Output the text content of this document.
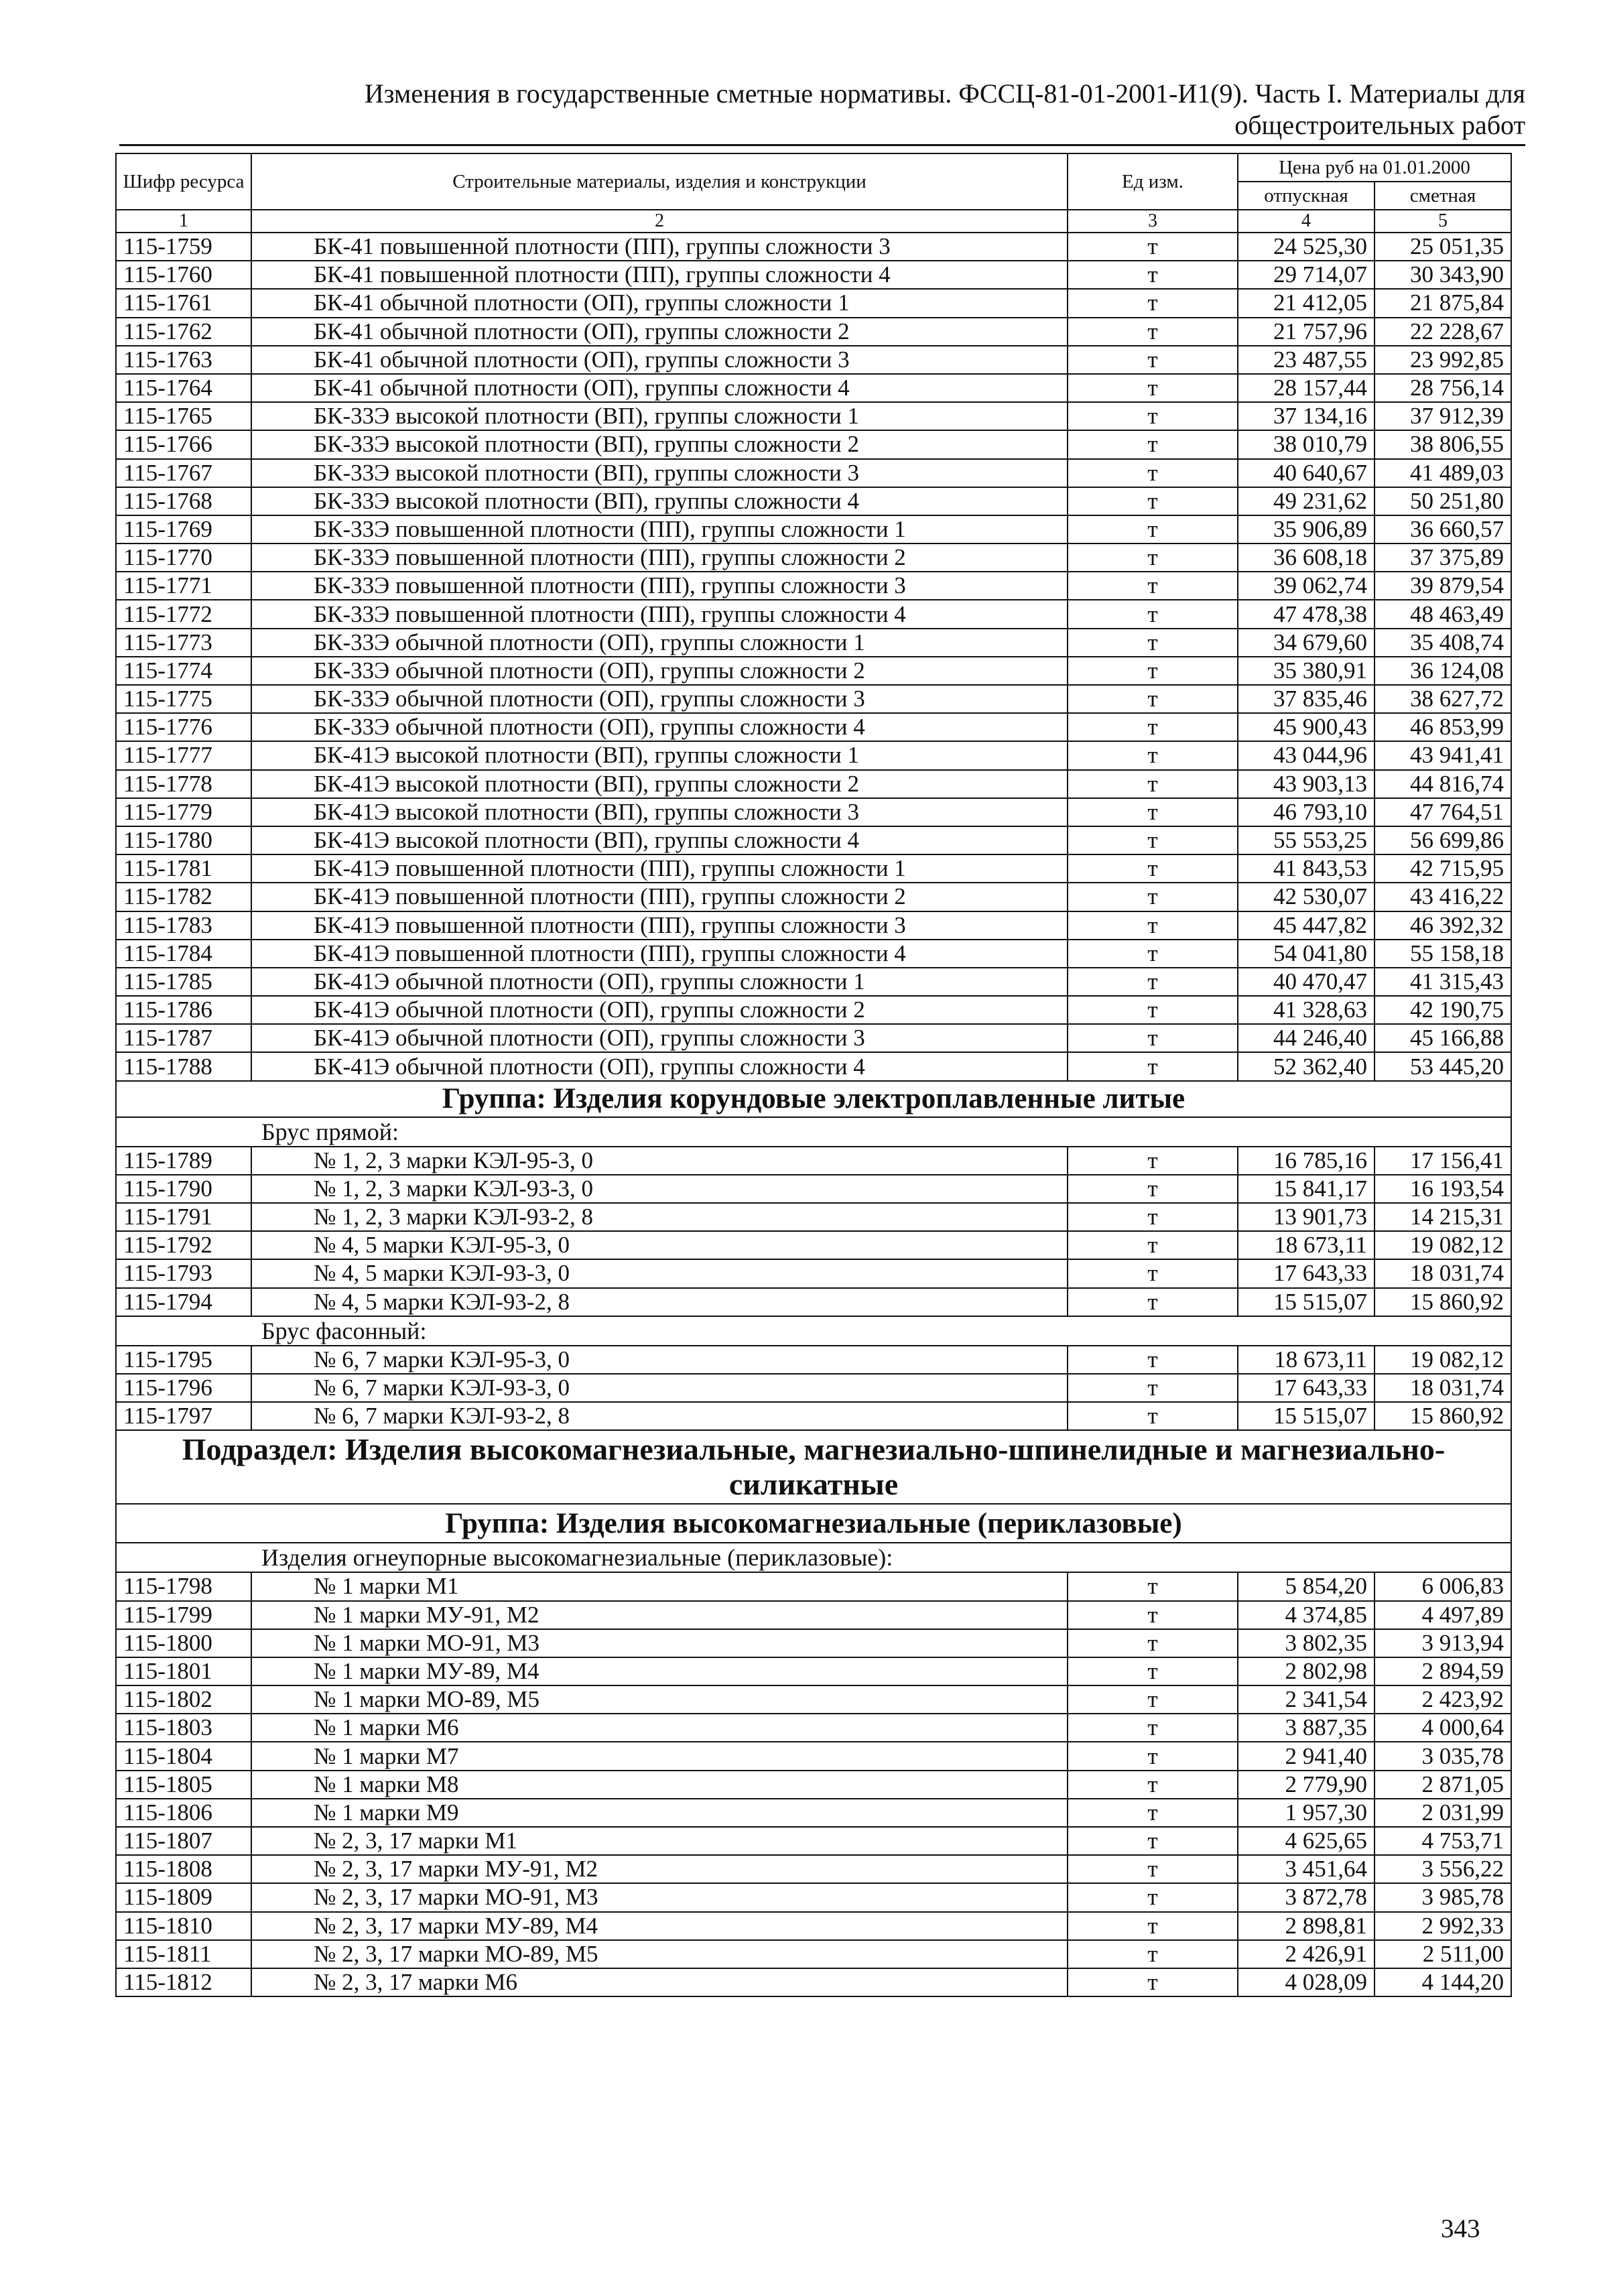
Изменения в государственные сметные нормативы. ФССЦ-81-01-2001-И1(9). Часть I. Материалы для
общестроительных работ
Шифр ресурса	Строительные материалы, изделия и конструкции	Ед изм.	Цена руб на 01.01.2000	
			отпускная	сметная
1	2	3	4	5
115-1759	БК-41 повышенной плотности (ПП), группы сложности 3	т	24 525,30	25 051,35
115-1760	БК-41 повышенной плотности (ПП), группы сложности 4	т	29 714,07	30 343,90
115-1761	БК-41 обычной плотности (ОП), группы сложности 1	т	21 412,05	21 875,84
115-1762	БК-41 обычной плотности (ОП), группы сложности 2	т	21 757,96	22 228,67
115-1763	БК-41 обычной плотности (ОП), группы сложности 3	т	23 487,55	23 992,85
115-1764	БК-41 обычной плотности (ОП), группы сложности 4	т	28 157,44	28 756,14
115-1765	БК-33Э высокой плотности (ВП), группы сложности 1	т	37 134,16	37 912,39
115-1766	БК-33Э высокой плотности (ВП), группы сложности 2	т	38 010,79	38 806,55
115-1767	БК-33Э высокой плотности (ВП), группы сложности 3	т	40 640,67	41 489,03
115-1768	БК-33Э высокой плотности (ВП), группы сложности 4	т	49 231,62	50 251,80
115-1769	БК-33Э повышенной плотности (ПП), группы сложности 1	т	35 906,89	36 660,57
115-1770	БК-33Э повышенной плотности (ПП), группы сложности 2	т	36 608,18	37 375,89
115-1771	БК-33Э повышенной плотности (ПП), группы сложности 3	т	39 062,74	39 879,54
115-1772	БК-33Э повышенной плотности (ПП), группы сложности 4	т	47 478,38	48 463,49
115-1773	БК-33Э обычной плотности (ОП), группы сложности 1	т	34 679,60	35 408,74
115-1774	БК-33Э обычной плотности (ОП), группы сложности 2	т	35 380,91	36 124,08
115-1775	БК-33Э обычной плотности (ОП), группы сложности 3	т	37 835,46	38 627,72
115-1776	БК-33Э обычной плотности (ОП), группы сложности 4	т	45 900,43	46 853,99
115-1777	БК-41Э высокой плотности (ВП), группы сложности 1	т	43 044,96	43 941,41
115-1778	БК-41Э высокой плотности (ВП), группы сложности 2	т	43 903,13	44 816,74
115-1779	БК-41Э высокой плотности (ВП), группы сложности 3	т	46 793,10	47 764,51
115-1780	БК-41Э высокой плотности (ВП), группы сложности 4	т	55 553,25	56 699,86
115-1781	БК-41Э повышенной плотности (ПП), группы сложности 1	т	41 843,53	42 715,95
115-1782	БК-41Э повышенной плотности (ПП), группы сложности 2	т	42 530,07	43 416,22
115-1783	БК-41Э повышенной плотности (ПП), группы сложности 3	т	45 447,82	46 392,32
115-1784	БК-41Э повышенной плотности (ПП), группы сложности 4	т	54 041,80	55 158,18
115-1785	БК-41Э обычной плотности (ОП), группы сложности 1	т	40 470,47	41 315,43
115-1786	БК-41Э обычной плотности (ОП), группы сложности 2	т	41 328,63	42 190,75
115-1787	БК-41Э обычной плотности (ОП), группы сложности 3	т	44 246,40	45 166,88
115-1788	БК-41Э обычной плотности (ОП), группы сложности 4	т	52 362,40	53 445,20
Группа: Изделия корундовые электроплавленные литые				
Брус прямой:				
115-1789	№ 1, 2, 3 марки КЭЛ-95-3, 0	т	16 785,16	17 156,41
115-1790	№ 1, 2, 3 марки КЭЛ-93-3, 0	т	15 841,17	16 193,54
115-1791	№ 1, 2, 3 марки КЭЛ-93-2, 8	т	13 901,73	14 215,31
115-1792	№ 4, 5 марки КЭЛ-95-3, 0	т	18 673,11	19 082,12
115-1793	№ 4, 5 марки КЭЛ-93-3, 0	т	17 643,33	18 031,74
115-1794	№ 4, 5 марки КЭЛ-93-2, 8	т	15 515,07	15 860,92
Брус фасонный:				
115-1795	№ 6, 7 марки КЭЛ-95-3, 0	т	18 673,11	19 082,12
115-1796	№ 6, 7 марки КЭЛ-93-3, 0	т	17 643,33	18 031,74
115-1797	№ 6, 7 марки КЭЛ-93-2, 8	т	15 515,07	15 860,92
Подраздел: Изделия высокомагнезиальные, магнезиально-шпинелидные и магнезиально-силикатные				
Группа: Изделия высокомагнезиальные (периклазовые)				
Изделия огнеупорные высокомагнезиальные (периклазовые):				
115-1798	№ 1 марки М1	т	5 854,20	6 006,83
115-1799	№ 1 марки МУ-91, М2	т	4 374,85	4 497,89
115-1800	№ 1 марки МО-91, М3	т	3 802,35	3 913,94
115-1801	№ 1 марки МУ-89, М4	т	2 802,98	2 894,59
115-1802	№ 1 марки МО-89, М5	т	2 341,54	2 423,92
115-1803	№ 1 марки М6	т	3 887,35	4 000,64
115-1804	№ 1 марки М7	т	2 941,40	3 035,78
115-1805	№ 1 марки М8	т	2 779,90	2 871,05
115-1806	№ 1 марки М9	т	1 957,30	2 031,99
115-1807	№ 2, 3, 17 марки М1	т	4 625,65	4 753,71
115-1808	№ 2, 3, 17 марки МУ-91, М2	т	3 451,64	3 556,22
115-1809	№ 2, 3, 17 марки МО-91, М3	т	3 872,78	3 985,78
115-1810	№ 2, 3, 17 марки МУ-89, М4	т	2 898,81	2 992,33
115-1811	№ 2, 3, 17 марки МО-89, М5	т	2 426,91	2 511,00
115-1812	№ 2, 3, 17 марки М6	т	4 028,09	4 144,20
343
